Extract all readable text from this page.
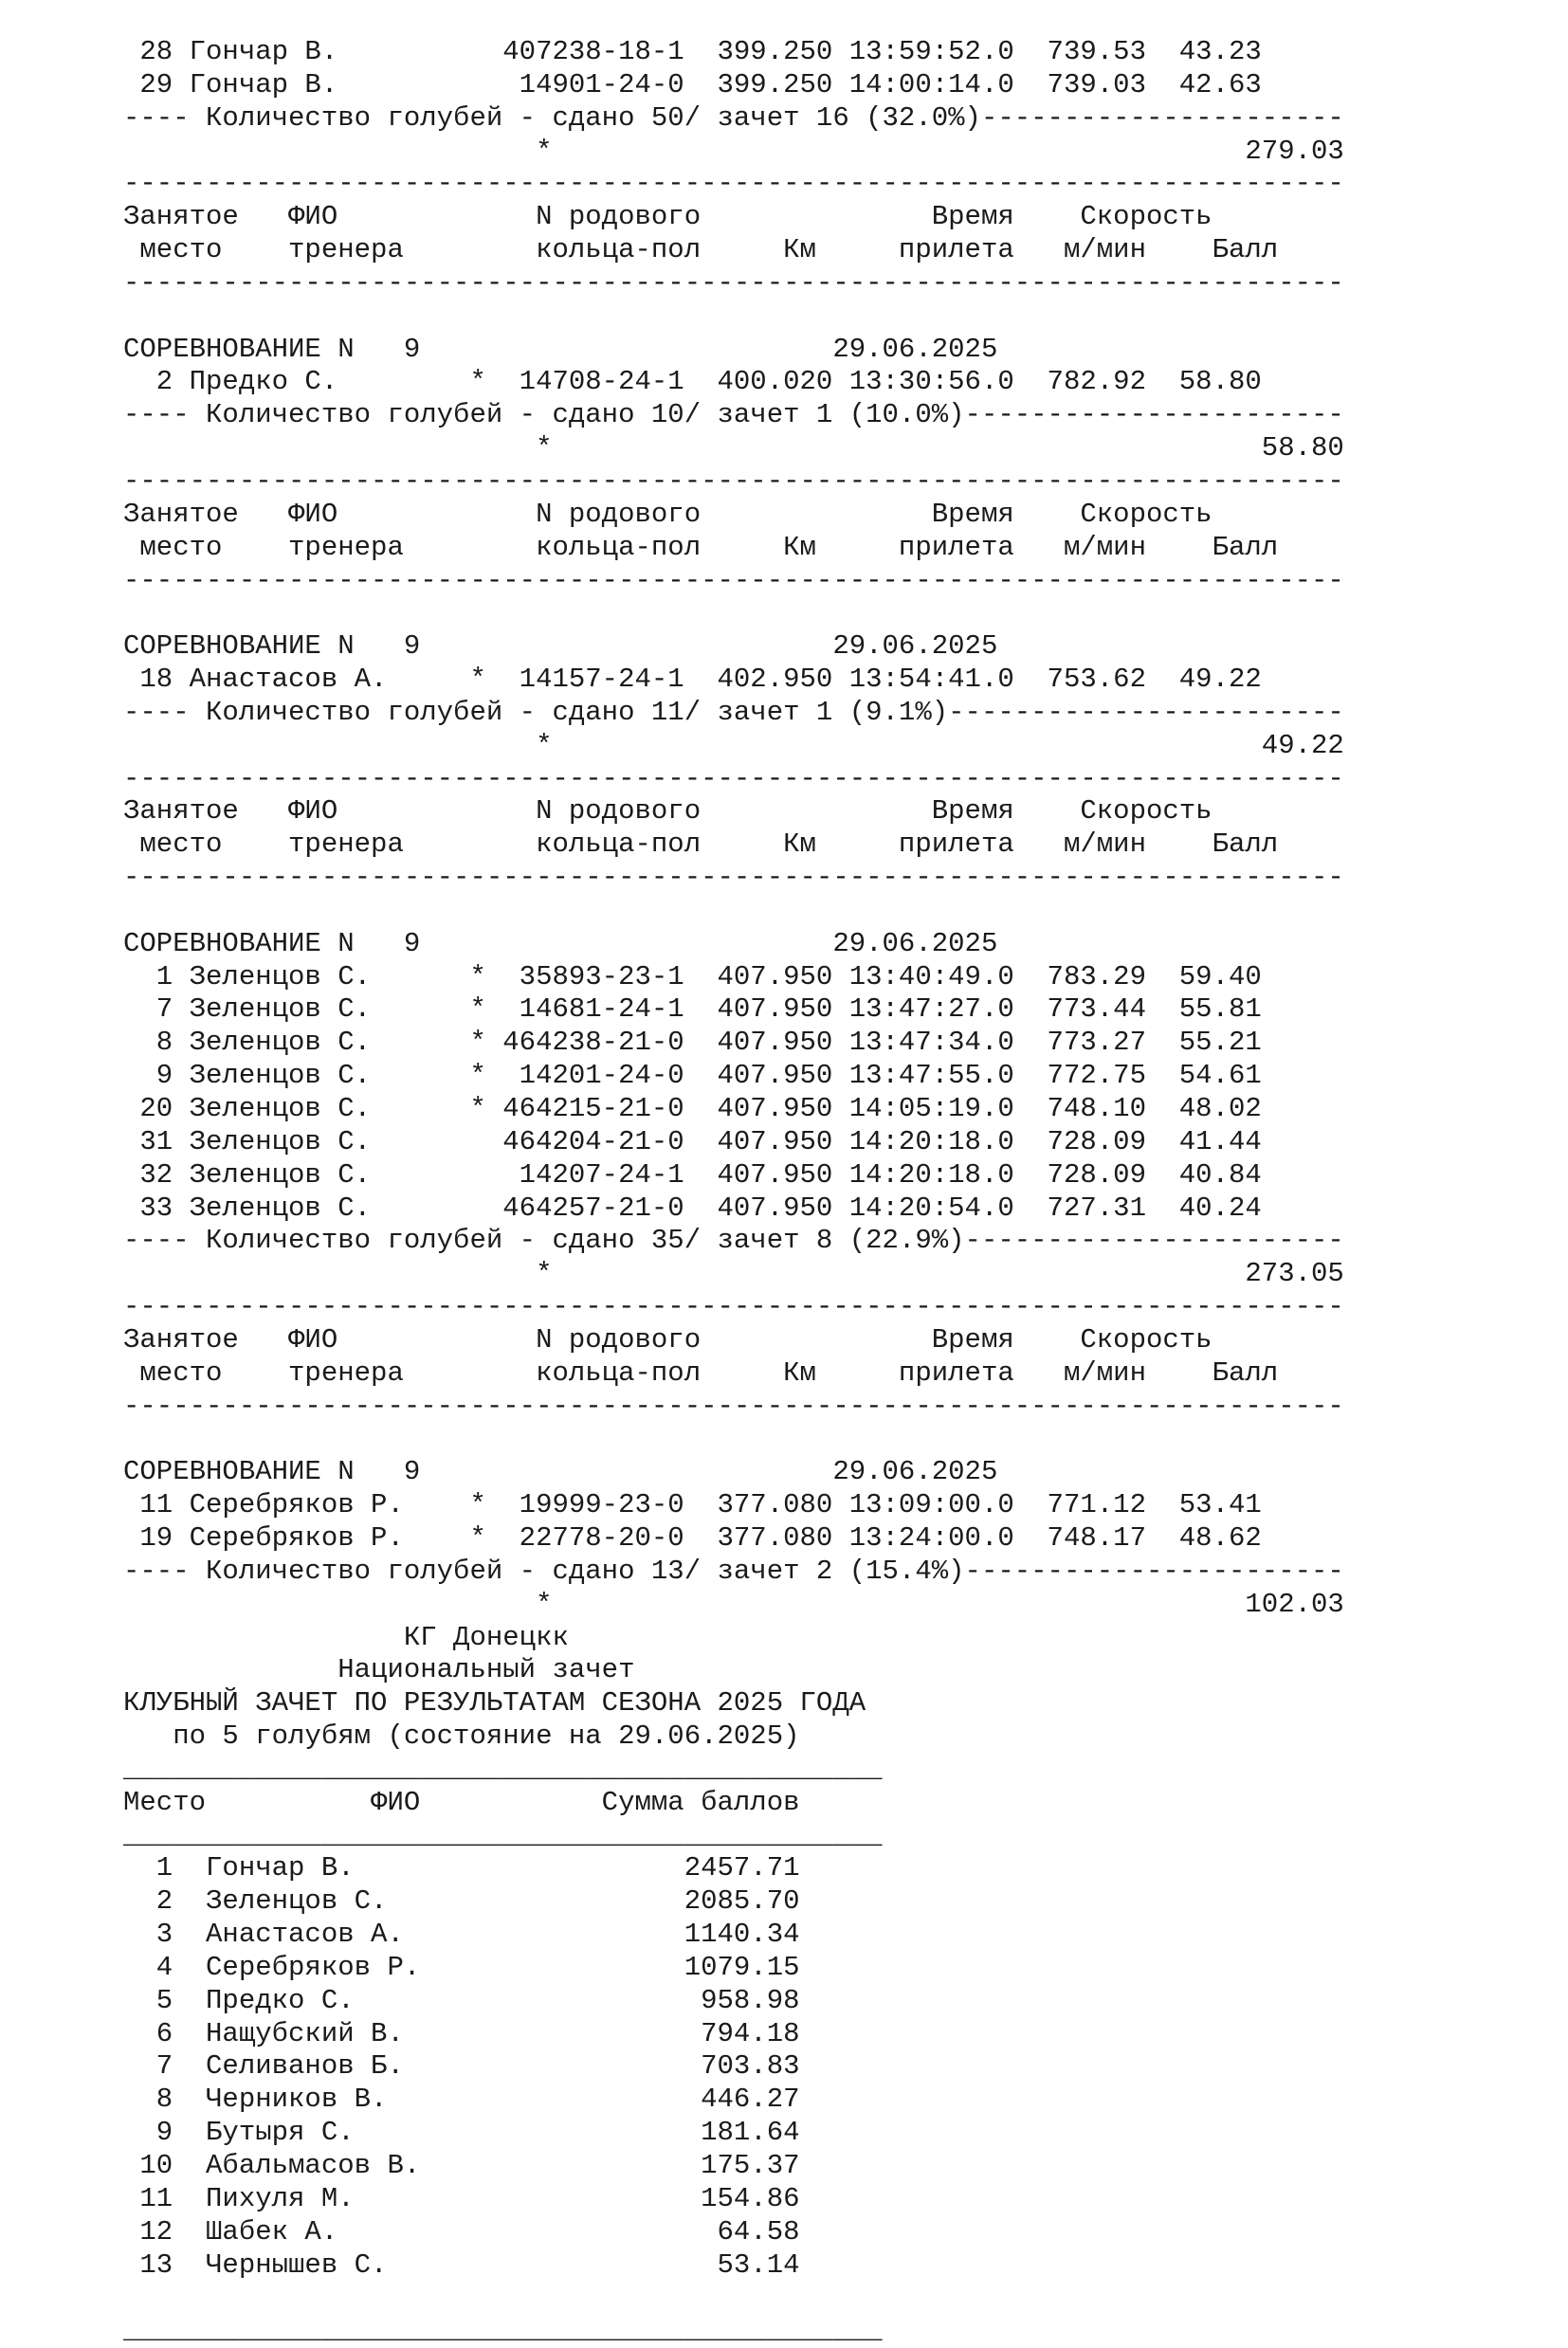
28 Гончар В.          407238-18-1  399.250 13:59:52.0  739.53  43.23
29 Гончар В.           14901-24-0  399.250 14:00:14.0  739.03  42.63
---- Количество голубей - сдано 50/ зачет 16 (32.0%)----------------------
*                                          279.03
--------------------------------------------------------------------------
Занятое   ФИО            N родового              Время    Скорость
место    тренера        кольца-пол     Км     прилета   м/мин    Балл
--------------------------------------------------------------------------
СОРЕВНОВАНИЕ N   9                         29.06.2025
2 Предко С.        *  14708-24-1  400.020 13:30:56.0  782.92  58.80
---- Количество голубей - сдано 10/ зачет 1 (10.0%)-----------------------
*                                           58.80
--------------------------------------------------------------------------
Занятое   ФИО            N родового              Время    Скорость
место    тренера        кольца-пол     Км     прилета   м/мин    Балл
--------------------------------------------------------------------------
СОРЕВНОВАНИЕ N   9                         29.06.2025
18 Анастасов А.     *  14157-24-1  402.950 13:54:41.0  753.62  49.22
---- Количество голубей - сдано 11/ зачет 1 (9.1%)------------------------
*                                           49.22
--------------------------------------------------------------------------
Занятое   ФИО            N родового              Время    Скорость
место    тренера        кольца-пол     Км     прилета   м/мин    Балл
--------------------------------------------------------------------------
СОРЕВНОВАНИЕ N   9                         29.06.2025
1 Зеленцов С.      *  35893-23-1  407.950 13:40:49.0  783.29  59.40
7 Зеленцов С.      *  14681-24-1  407.950 13:47:27.0  773.44  55.81
8 Зеленцов С.      * 464238-21-0  407.950 13:47:34.0  773.27  55.21
9 Зеленцов С.      *  14201-24-0  407.950 13:47:55.0  772.75  54.61
20 Зеленцов С.      * 464215-21-0  407.950 14:05:19.0  748.10  48.02
31 Зеленцов С.        464204-21-0  407.950 14:20:18.0  728.09  41.44
32 Зеленцов С.         14207-24-1  407.950 14:20:18.0  728.09  40.84
33 Зеленцов С.        464257-21-0  407.950 14:20:54.0  727.31  40.24
---- Количество голубей - сдано 35/ зачет 8 (22.9%)-----------------------
*                                          273.05
--------------------------------------------------------------------------
Занятое   ФИО            N родового              Время    Скорость
место    тренера        кольца-пол     Км     прилета   м/мин    Балл
--------------------------------------------------------------------------
СОРЕВНОВАНИЕ N   9                         29.06.2025
11 Серебряков Р.    *  19999-23-0  377.080 13:09:00.0  771.12  53.41
19 Серебряков Р.    *  22778-20-0  377.080 13:24:00.0  748.17  48.62
---- Количество голубей - сдано 13/ зачет 2 (15.4%)-----------------------
*                                          102.03
КГ Донецкк
Национальный зачет
КЛУБНЫЙ ЗАЧЕТ ПО РЕЗУЛЬТАТАМ СЕЗОНА 2025 ГОДА
по 5 голубям (состояние на 29.06.2025)
______________________________________________
Место          ФИО           Сумма баллов
______________________________________________
1  Гончар В.                    2457.71
2  Зеленцов С.                  2085.70
3  Анастасов А.                 1140.34
4  Серебряков Р.                1079.15
5  Предко С.                     958.98
6  Нащубский В.                  794.18
7  Селиванов Б.                  703.83
8  Черников В.                   446.27
9  Бутыря С.                     181.64
10  Абальмасов В.                 175.37
11  Пихуля М.                     154.86
12  Шабек А.                       64.58
13  Чернышев С.                    53.14
______________________________________________
